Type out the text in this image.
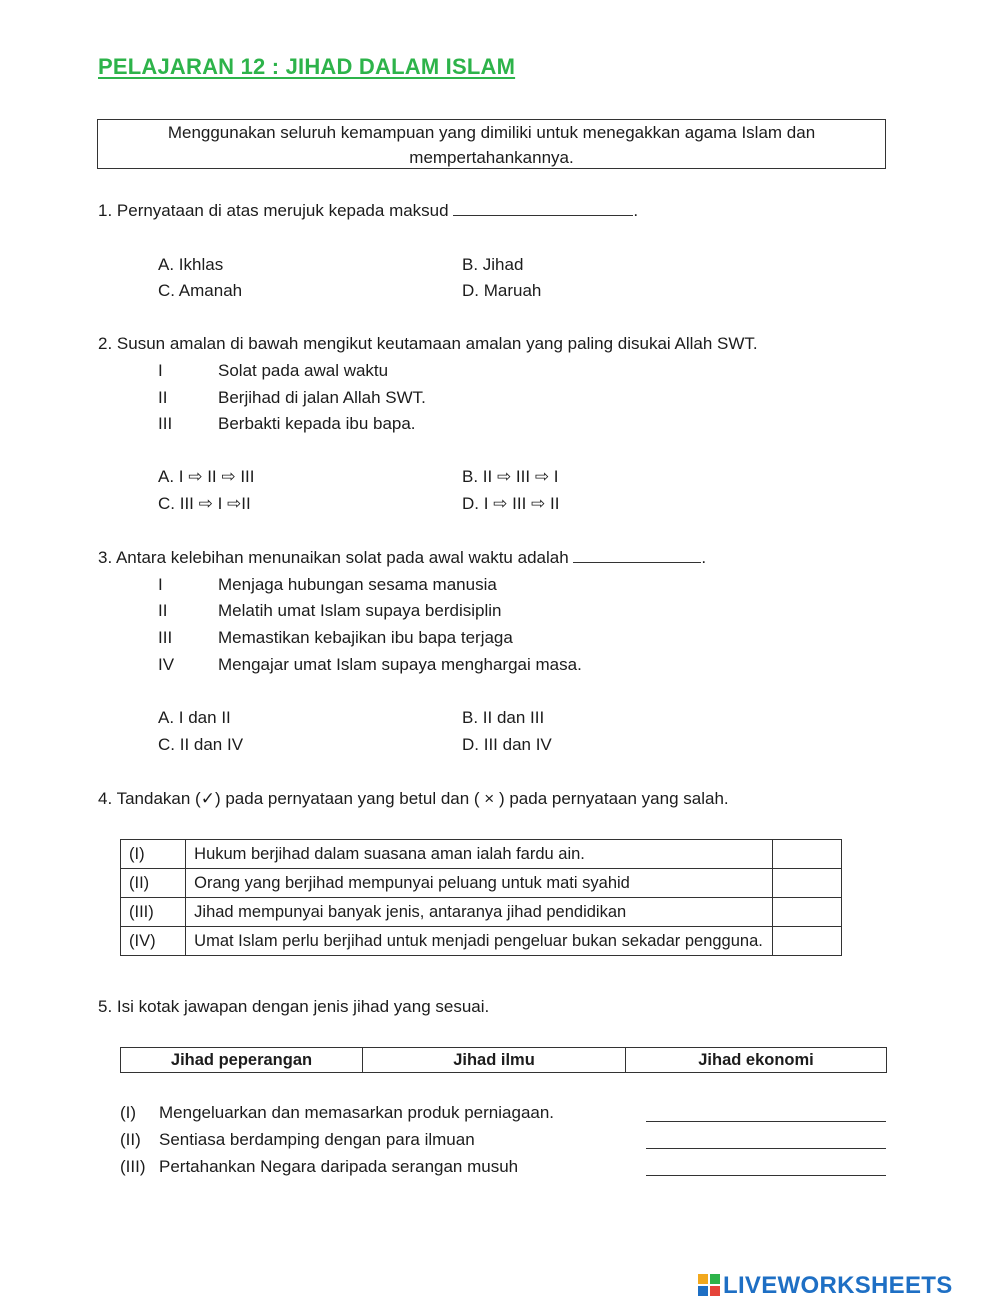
PELAJARAN 12 : JIHAD DALAM ISLAM
Menggunakan seluruh kemampuan yang dimiliki untuk menegakkan agama Islam dan
mempertahankannya.
1. Pernyataan di atas merujuk kepada maksud	.
A. Ikhlas	B. Jihad
C. Amanah	D. Maruah
2. Susun amalan di bawah mengikut keutamaan amalan yang paling disukai Allah SWT.
I	Solat pada awal waktu
II	Berjihad di jalan Allah SWT.
III	Berbakti kepada ibu bapa.
A. I ⇨ II ⇨ III	B. II ⇨ III ⇨ I
C. III ⇨ I ⇨II	D. I ⇨ III ⇨ II
3. Antara kelebihan menunaikan solat pada awal waktu adalah	.
I	Menjaga hubungan sesama manusia
II	Melatih umat Islam supaya berdisiplin
III	Memastikan kebajikan ibu bapa terjaga
IV	Mengajar umat Islam supaya menghargai masa.
A. I dan II	B. II dan III
C. II dan IV	D. III dan IV
4. Tandakan (✓) pada pernyataan yang betul dan ( × ) pada pernyataan yang salah.
(I)	Hukum berjihad dalam suasana aman ialah fardu ain.	
(II)	Orang yang berjihad mempunyai peluang untuk mati syahid	
(III)	Jihad mempunyai banyak jenis, antaranya jihad pendidikan	
(IV)	Umat Islam perlu berjihad untuk menjadi pengeluar bukan sekadar pengguna.	
5. Isi kotak jawapan dengan jenis jihad yang sesuai.
Jihad peperangan	Jihad ilmu	Jihad ekonomi
(I) Mengeluarkan dan memasarkan produk perniagaan.
(II) Sentiasa berdamping dengan para ilmuan
(III) Pertahankan Negara daripada serangan musuh
LIVEWORKSHEETS
